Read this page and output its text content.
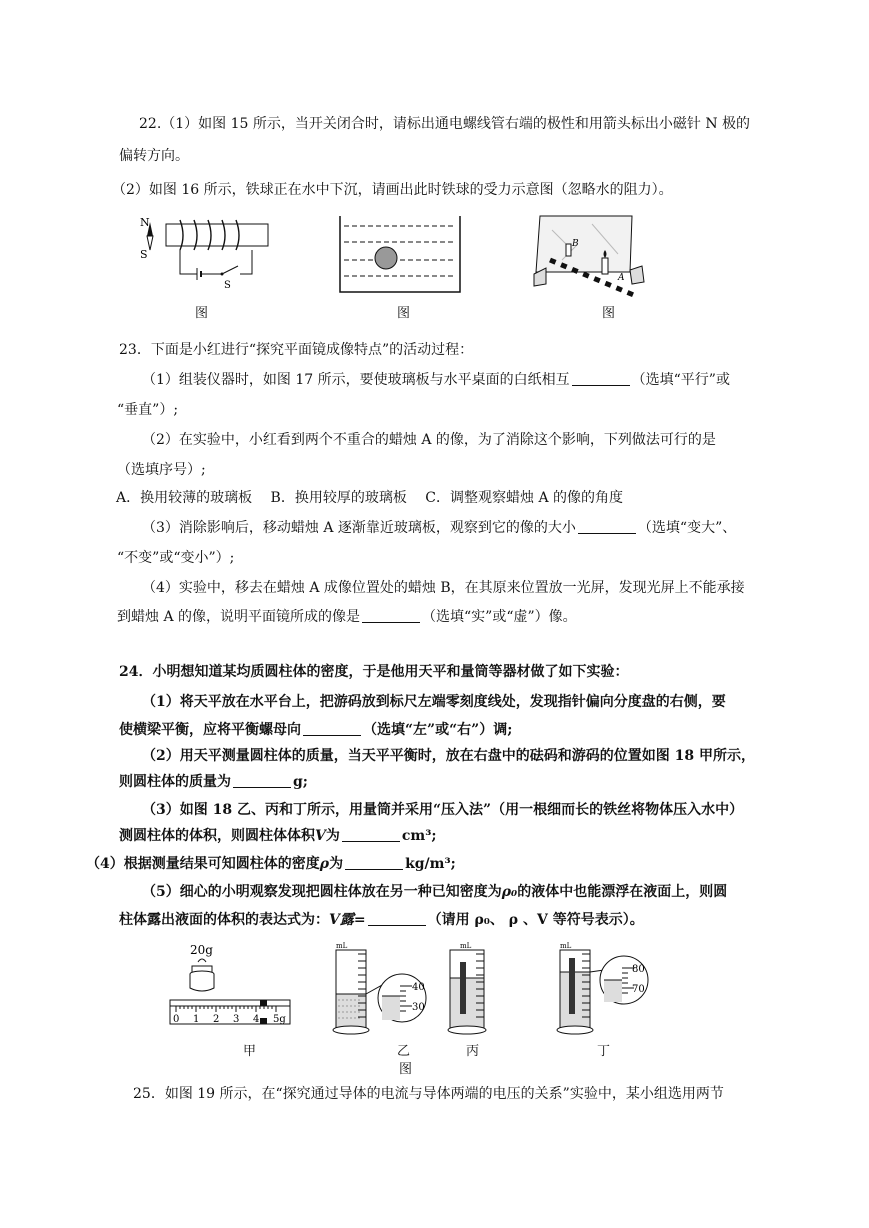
22.（1）如图 15 所示，当开关闭合时，请标出通电螺线管右端的极性和用箭头标出小磁针 N 极的
偏转方向。
（2）如图 16 所示，铁球正在水中下沉，请画出此时铁球的受力示意图（忽略水的阻力）。
N
S
S
图	图
B
A
图
23．下面是小红进行“探究平面镜成像特点”的活动过程：
（1）组装仪器时，如图 17 所示，要使玻璃板与水平桌面的白纸相互	（选填“平行”或
“垂直”）;
（2）在实验中，小红看到两个不重合的蜡烛 A 的像，为了消除这个影响，下列做法可行的是
（选填序号）;
A．换用较薄的玻璃板　 B．换用较厚的玻璃板　 C．调整观察蜡烛 A 的像的角度
（3）消除影响后，移动蜡烛 A 逐渐靠近玻璃板，观察到它的像的大小	（选填“变大”、
“不变”或“变小”）;
（4）实验中，移去在蜡烛 A 成像位置处的蜡烛 B，在其原来位置放一光屏，发现光屏上不能承接
到蜡烛 A 的像，说明平面镜所成的像是	（选填“实”或“虚”）像。
24．小明想知道某均质圆柱体的密度，于是他用天平和量筒等器材做了如下实验：
（1）将天平放在水平台上，把游码放到标尺左端零刻度线处，发现指针偏向分度盘的右侧，要
使横梁平衡，应将平衡螺母向	（选填“左”或“右”）调;
（2）用天平测量圆柱体的质量，当天平平衡时，放在右盘中的砝码和游码的位置如图 18 甲所示，
则圆柱体的质量为	g;
（3）如图 18 乙、丙和丁所示，用量筒并采用“压入法”（用一根细而长的铁丝将物体压入水中）
测圆柱体的体积，则圆柱体体积V为	cm³;
（4）根据测量结果可知圆柱体的密度ρ为	kg/m³;
（5）细心的小明观察发现把圆柱体放在另一种已知密度为ρ₀的液体中也能漂浮在液面上，则圆
柱体露出液面的体积的表达式为：V露=	（请用 ρ₀、 ρ 、V 等符号表示）。
20g
0 1 2 3 4 5g
甲
mL
40
30
乙
mL
丙
mL
80
70
丁
图
25．如图 19 所示，在“探究通过导体的电流与导体两端的电压的关系”实验中，某小组选用两节
